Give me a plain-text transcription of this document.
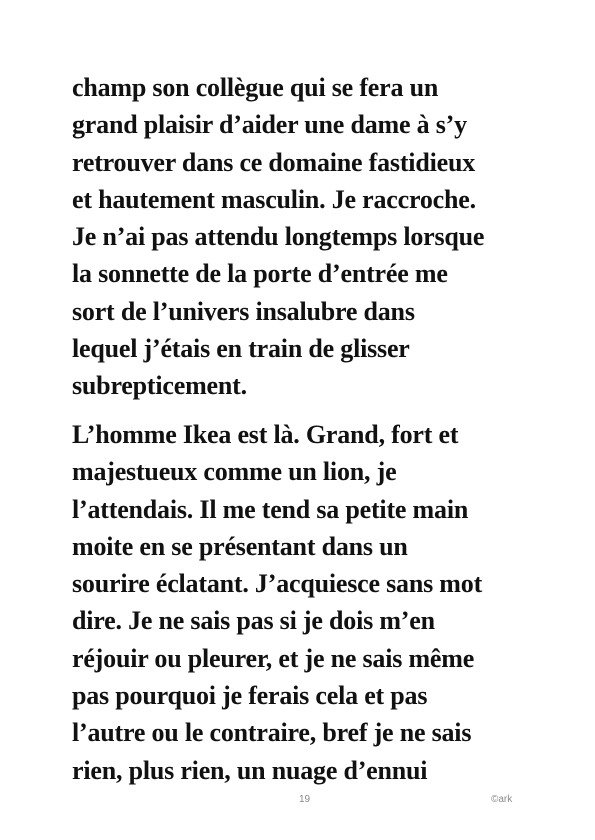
champ son collègue qui se fera un
grand plaisir d’aider une dame à s’y
retrouver dans ce domaine fastidieux
et hautement masculin. Je raccroche.
Je n’ai pas attendu longtemps lorsque
la sonnette de la porte d’entrée me
sort de l’univers insalubre dans
lequel j’étais en train de glisser
subrepticement.
L’homme Ikea est là. Grand, fort et
majestueux comme un lion, je
l’attendais. Il me tend sa petite main
moite en se présentant dans un
sourire éclatant. J’acquiesce sans mot
dire. Je ne sais pas si je dois m’en
réjouir ou pleurer, et je ne sais même
pas pourquoi je ferais cela et pas
l’autre ou le contraire, bref je ne sais
rien, plus rien, un nuage d’ennui
19	©ark
